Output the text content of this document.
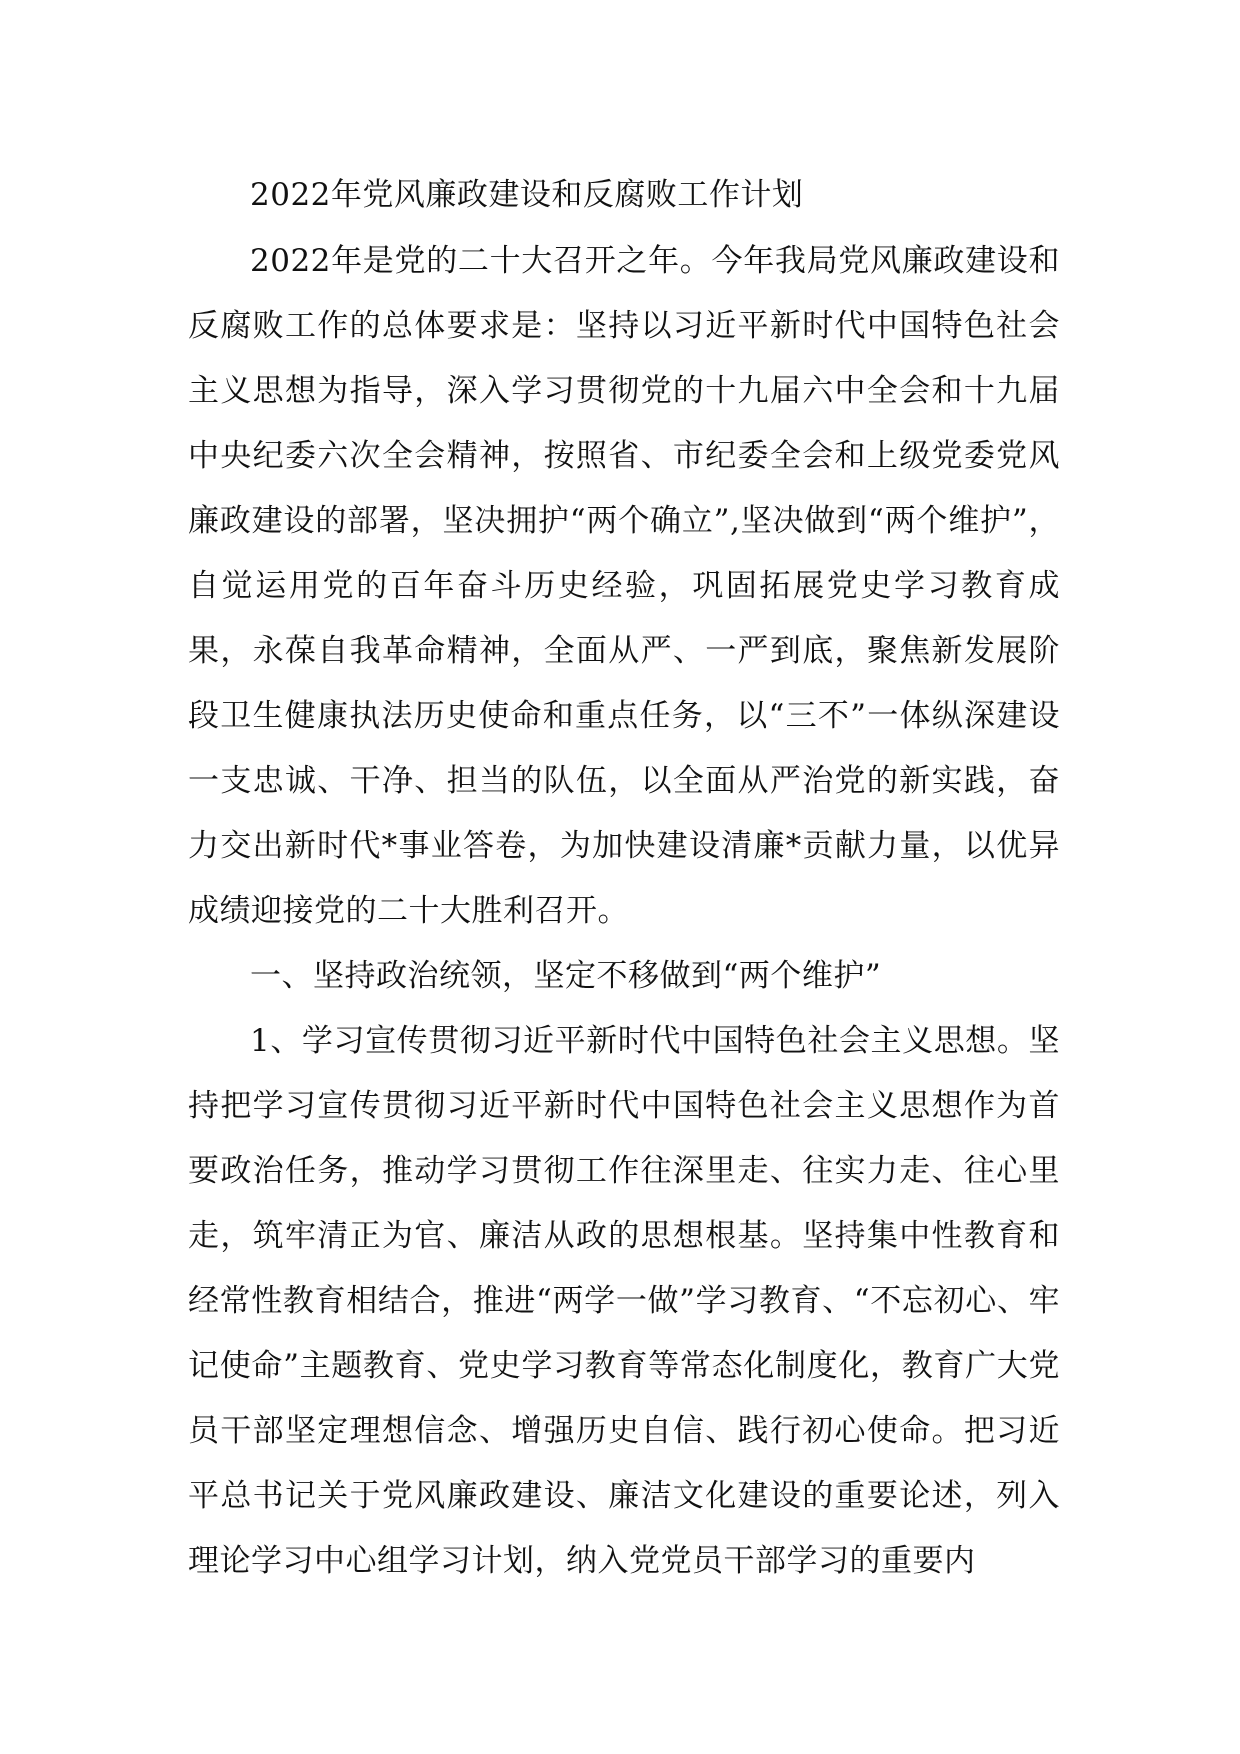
2022年党风廉政建设和反腐败工作计划

2022年是党的二十大召开之年。今年我局党风廉政建设和反腐败工作的总体要求是：坚持以习近平新时代中国特色社会主义思想为指导，深入学习贯彻党的十九届六中全会和十九届中央纪委六次全会精神，按照省、市纪委全会和上级党委党风廉政建设的部署，坚决拥护“两个确立”,坚决做到“两个维护”，自觉运用党的百年奋斗历史经验，巩固拓展党史学习教育成果，永葆自我革命精神，全面从严、一严到底，聚焦新发展阶段卫生健康执法历史使命和重点任务，以“三不”一体纵深建设一支忠诚、干净、担当的队伍，以全面从严治党的新实践，奋力交出新时代*事业答卷，为加快建设清廉*贡献力量，以优异成绩迎接党的二十大胜利召开。

一、坚持政治统领，坚定不移做到“两个维护”

1、学习宣传贯彻习近平新时代中国特色社会主义思想。坚持把学习宣传贯彻习近平新时代中国特色社会主义思想作为首要政治任务，推动学习贯彻工作往深里走、往实力走、往心里走，筑牢清正为官、廉洁从政的思想根基。坚持集中性教育和经常性教育相结合，推进“两学一做”学习教育、“不忘初心、牢记使命”主题教育、党史学习教育等常态化制度化，教育广大党员干部坚定理想信念、增强历史自信、践行初心使命。把习近平总书记关于党风廉政建设、廉洁文化建设的重要论述，列入理论学习中心组学习计划，纳入党党员干部学习的重要内
